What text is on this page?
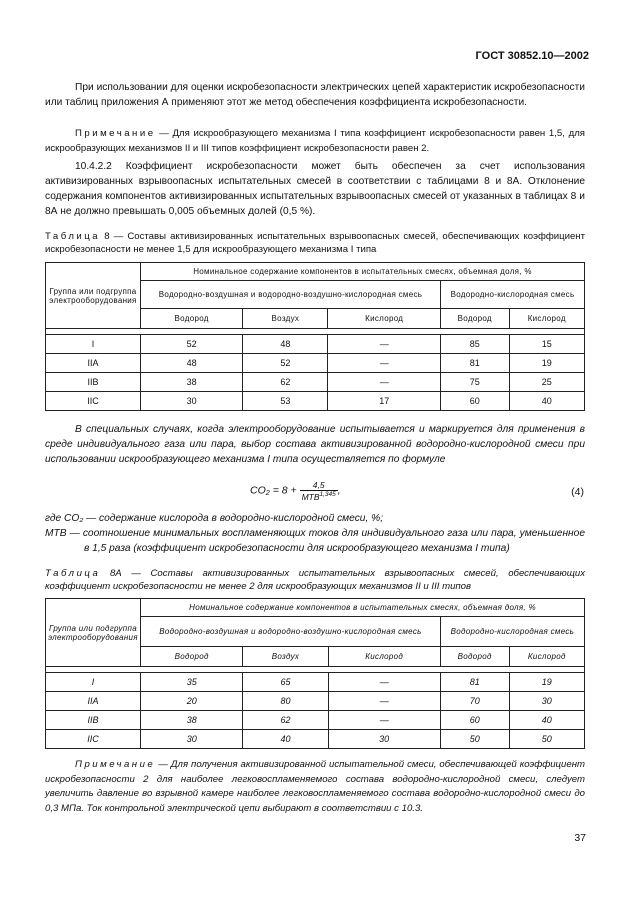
ГОСТ 30852.10—2002
При использовании для оценки искробезопасности электрических цепей характеристик искробезопасности или таблиц приложения А применяют этот же метод обеспечения коэффициента искробезопасности.
Примечание — Для искрообразующего механизма I типа коэффициент искробезопасности равен 1,5, для искрообразующих механизмов II и III типов коэффициент искробезопасности равен 2.
10.4.2.2 Коэффициент искробезопасности может быть обеспечен за счет использования активизированных взрывоопасных испытательных смесей в соответствии с таблицами 8 и 8А. Отклонение содержания компонентов активизированных испытательных взрывоопасных смесей от указанных в таблицах 8 и 8А не должно превышать 0,005 объемных долей (0,5 %).
Таблица 8 — Составы активизированных испытательных взрывоопасных смесей, обеспечивающих коэффициент искробезопасности не менее 1,5 для искрообразующего механизма I типа
Группа или подгруппа электрооборудования	Номинальное содержание компонентов в испытательных смесях, объемная доля, %				
	Водородно-воздушная и водородно-воздушно-кислородная смесь			Водородно-кислородная смесь	
	Водород	Воздух	Кислород	Водород	Кислород

I	52	48	—	85	15
IIA	48	52	—	81	19
IIB	38	62	—	75	25
IIC	30	53	17	60	40
В специальных случаях, когда электрооборудование испытывается и маркируется для применения в среде индивидуального газа или пара, выбор состава активизированной водородно-кислородной смеси при использовании искрообразующего механизма I типа осуществляется по формуле
$CO_2 = 8 + \frac{4,5}{МТВ^{1,345}}$ ,	(4)
где CO₂ — содержание кислорода в водородно-кислородной смеси, %;
MTB — соотношение минимальных воспламеняющих токов для индивидуального газа или пара, уменьшенное в 1,5 раза (коэффициент искробезопасности для искрообразующего механизма I типа)
Таблица 8А — Составы активизированных испытательных взрывоопасных смесей, обеспечивающих коэффициент искробезопасности не менее 2 для искрообразующих механизмов II и III типов
Группа или подгруппа электрооборудования	Номинальное содержание компонентов в испытательных смесях, объемная доля, %				
	Водородно-воздушная и водородно-воздушно-кислородная смесь			Водородно-кислородная смесь	
	Водород	Воздух	Кислород	Водород	Кислород

I	35	65	—	81	19
IIA	20	80	—	70	30
IIB	38	62	—	60	40
IIC	30	40	30	50	50
Примечание — Для получения активизированной испытательной смеси, обеспечивающей коэффициент искробезопасности 2 для наиболее легковоспламеняемого состава водородно-кислородной смеси, следует увеличить давление во взрывной камере наиболее легковоспламеняемого состава водородно-кислородной смеси до 0,3 МПа. Ток контрольной электрической цепи выбирают в соответствии с 10.3.
37
